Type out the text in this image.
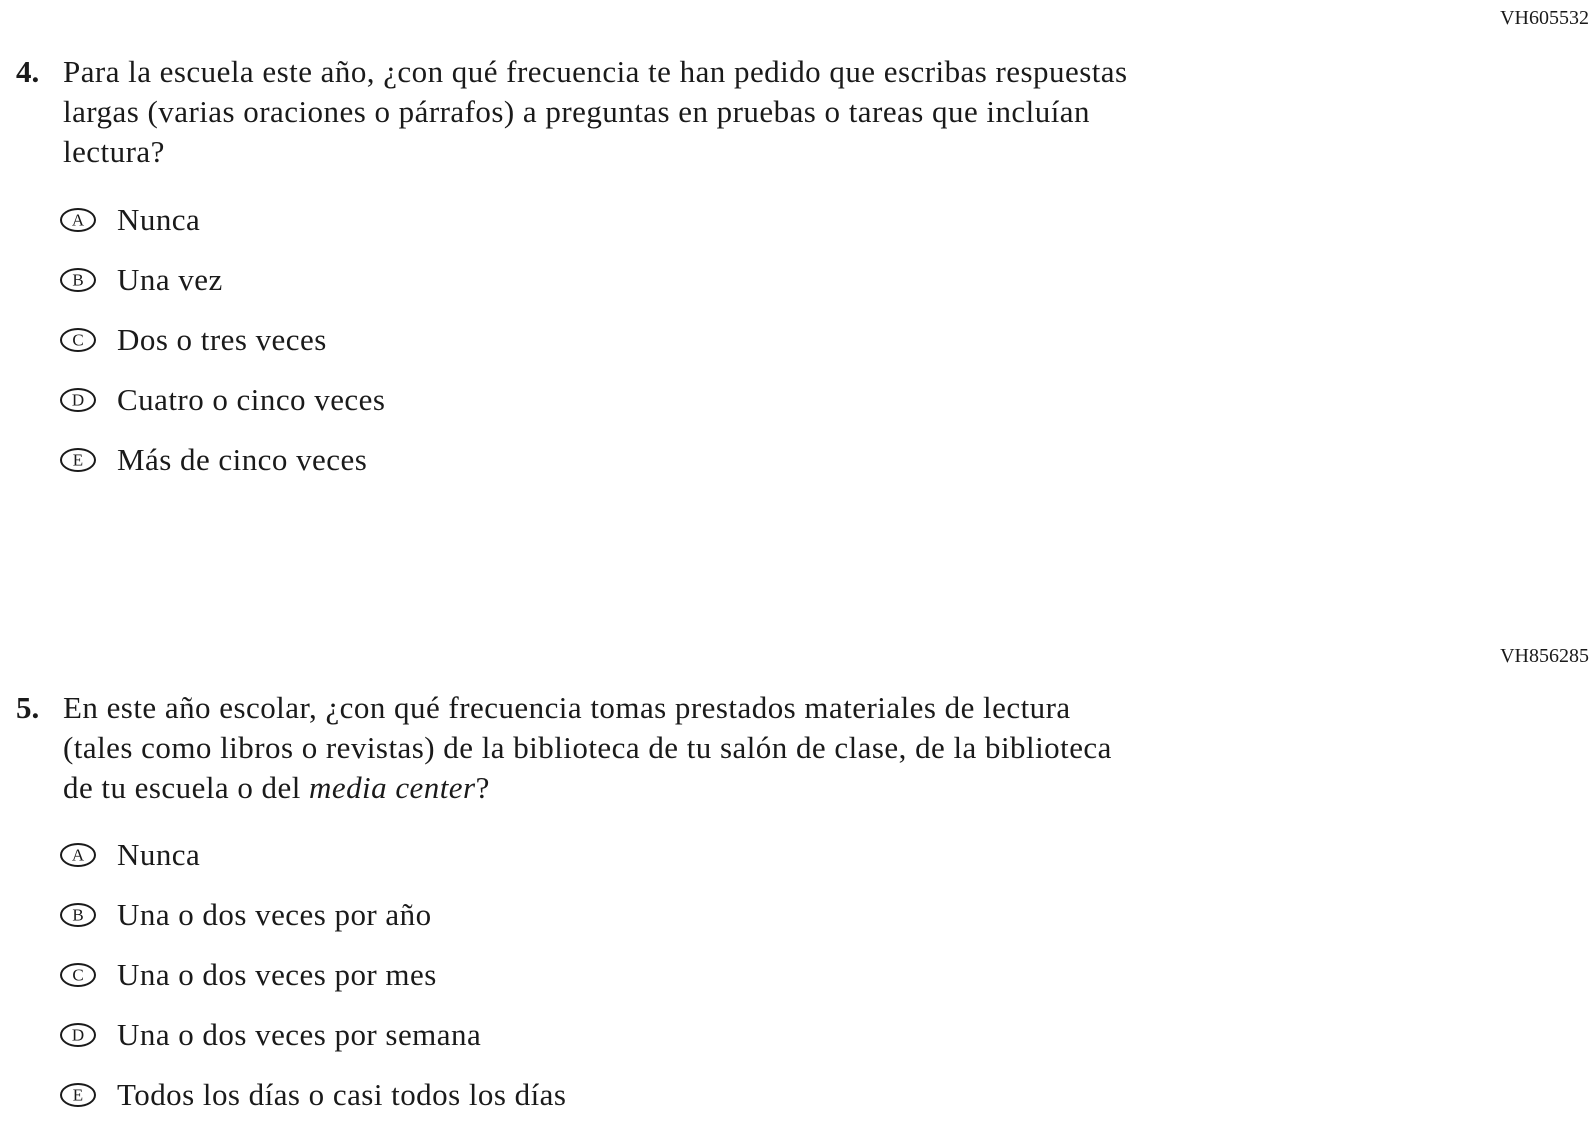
VH605532
4. Para la escuela este año, ¿con qué frecuencia te han pedido que escribas respuestas
largas (varias oraciones o párrafos) a preguntas en pruebas o tareas que incluían
lectura?
A Nunca
B Una vez
C Dos o tres veces
D Cuatro o cinco veces
E Más de cinco veces
VH856285
5. En este año escolar, ¿con qué frecuencia tomas prestados materiales de lectura
(tales como libros o revistas) de la biblioteca de tu salón de clase, de la biblioteca
de tu escuela o del media center?
A Nunca
B Una o dos veces por año
C Una o dos veces por mes
D Una o dos veces por semana
E Todos los días o casi todos los días
